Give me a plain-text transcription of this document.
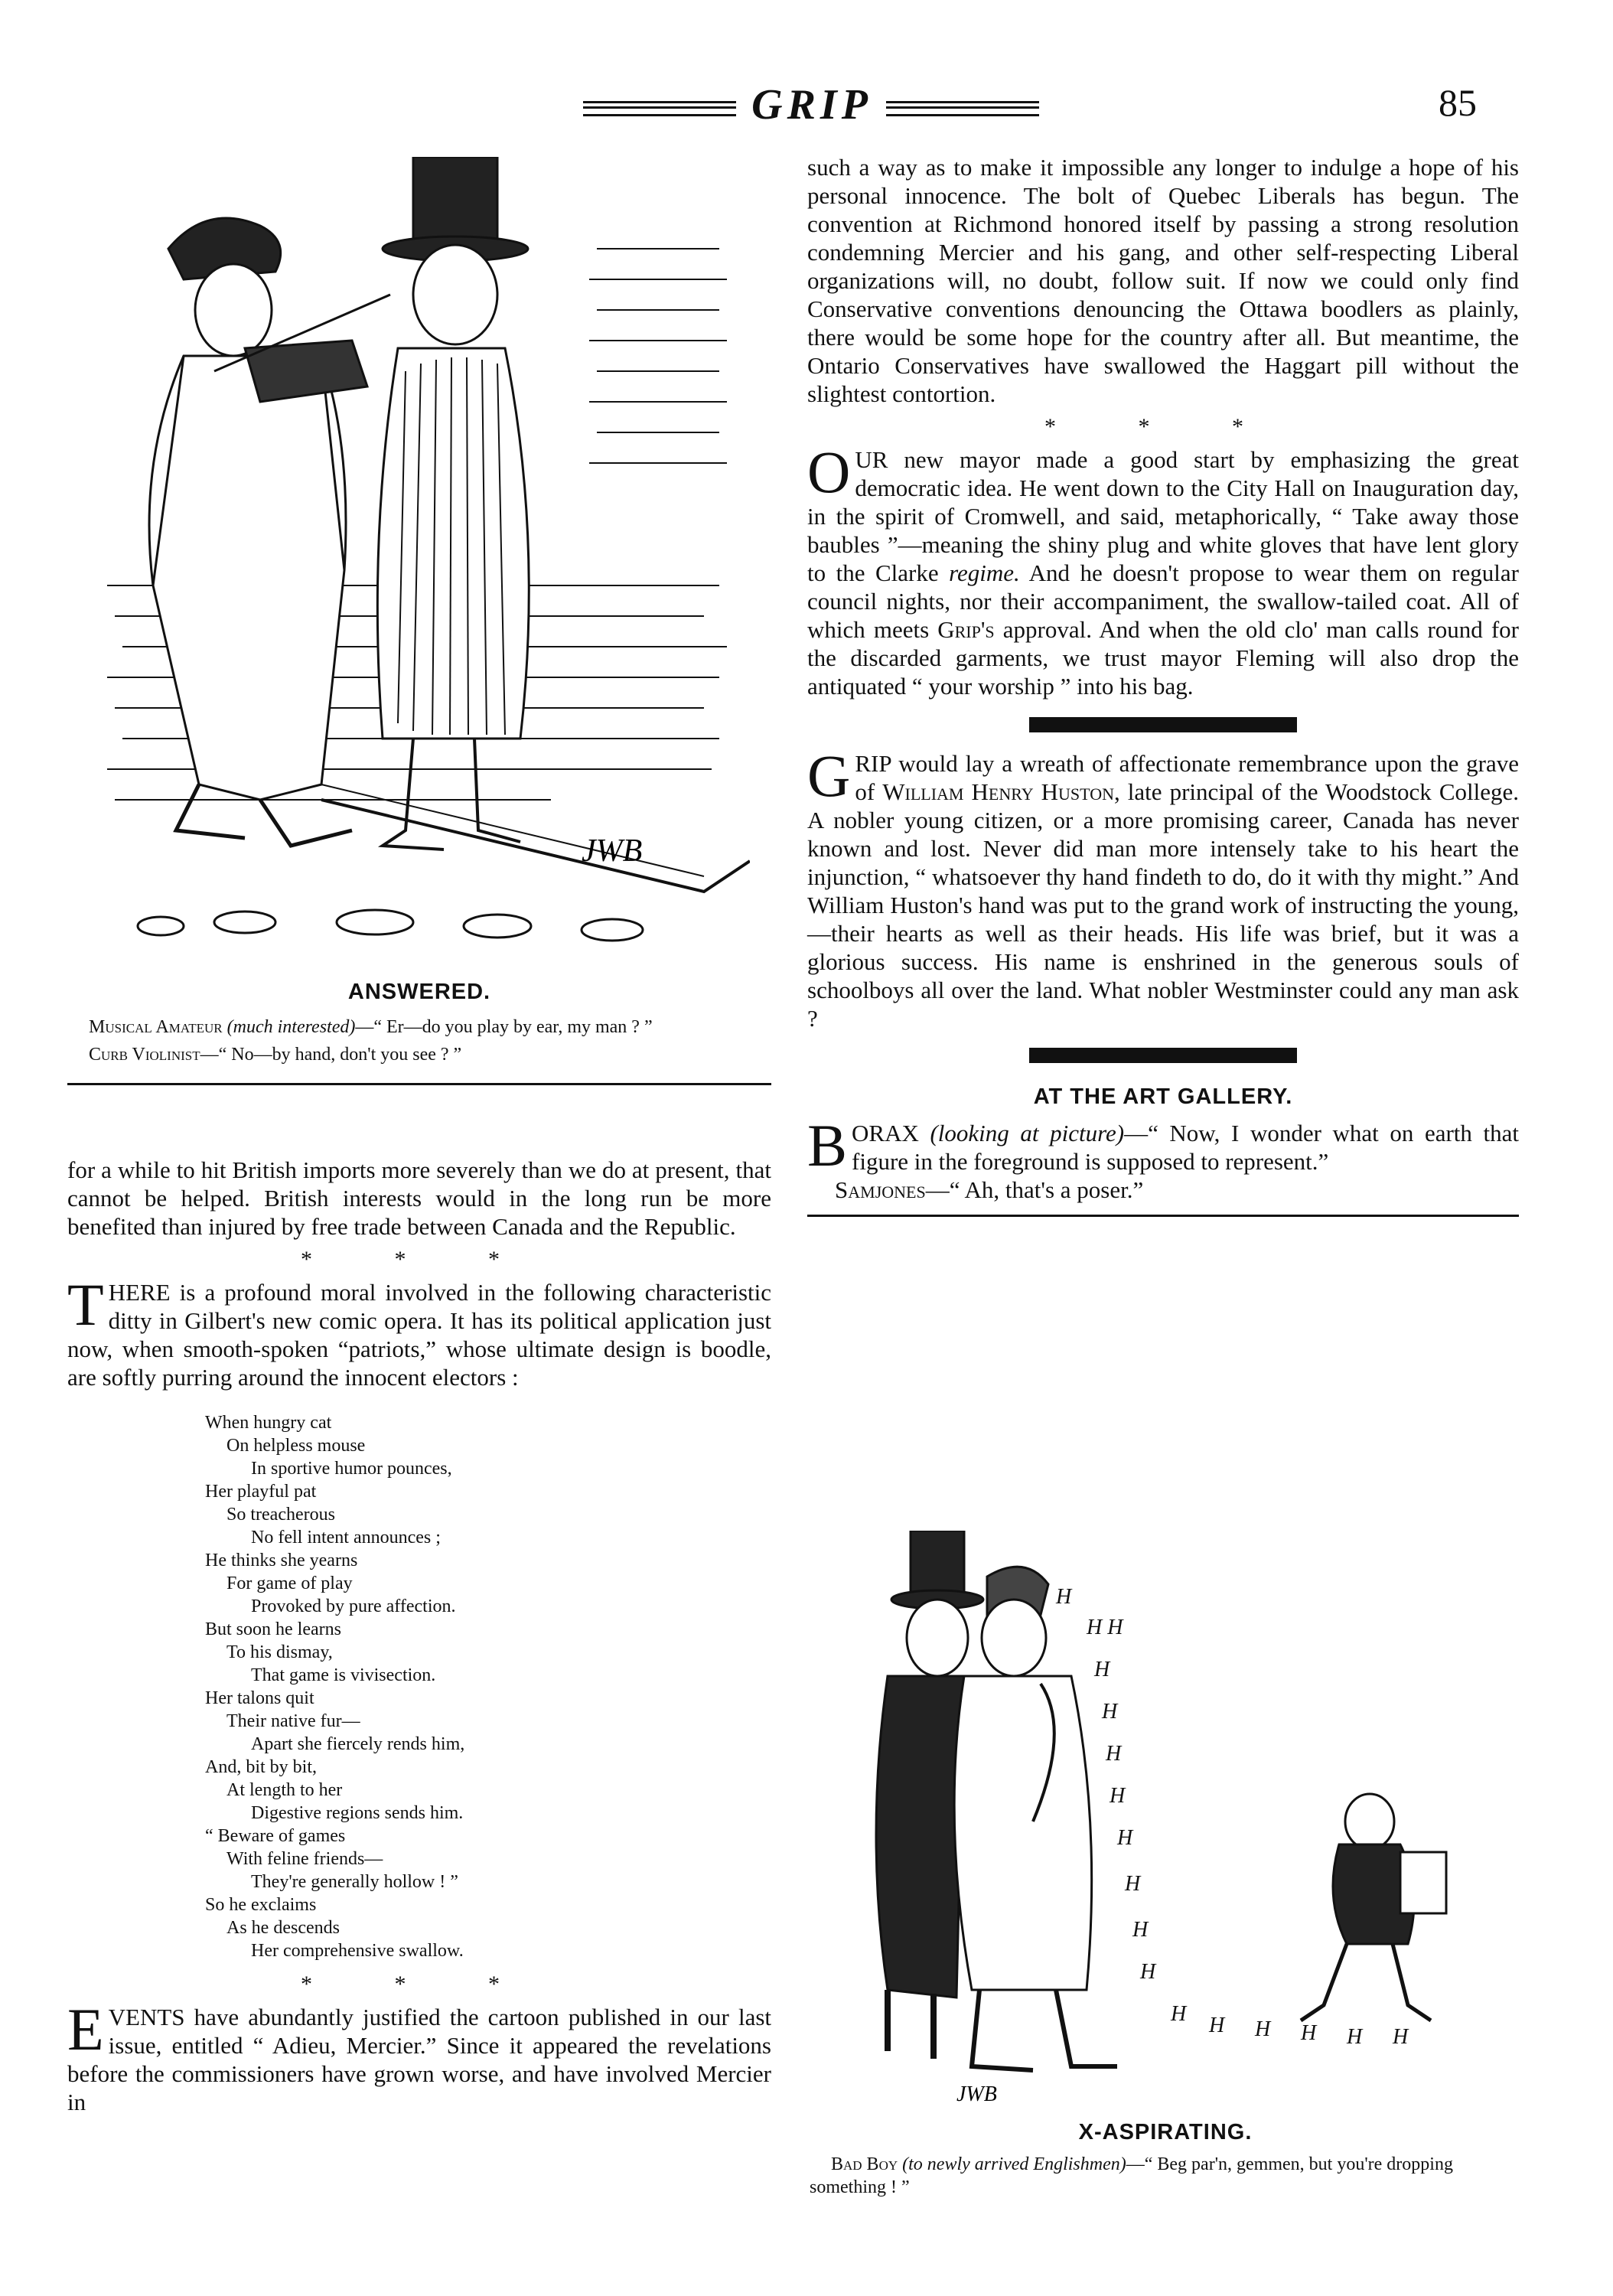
GRIP	85
JWB
ANSWERED.
Musical Amateur (much interested)—“ Er—do you play by ear, my man ? ”
Curb Violinist—“ No—by hand, don't you see ? ”

for a while to hit British imports more severely than we do at present, that cannot be helped. British interests would in the long run be more benefited than injured by free trade between Canada and the Republic.

* * *

THERE is a profound moral involved in the following characteristic ditty in Gilbert's new comic opera. It has its political application just now, when smooth-spoken “patriots,” whose ultimate design is boodle, are softly purring around the innocent electors :

When hungry cat
On helpless mouse
In sportive humor pounces,
Her playful pat
So treacherous
No fell intent announces ;
He thinks she yearns
For game of play
Provoked by pure affection.
But soon he learns
To his dismay,
That game is vivisection.
Her talons quit
Their native fur—
Apart she fiercely rends him,
And, bit by bit,
At length to her
Digestive regions sends him.
“ Beware of games
With feline friends—
They're generally hollow ! ”
So he exclaims
As he descends
Her comprehensive swallow.
* * *

EVENTS have abundantly justified the cartoon published in our last issue, entitled “ Adieu, Mercier.” Since it appeared the revelations before the commissioners have grown worse, and have involved Mercier in

such a way as to make it impossible any longer to indulge a hope of his personal innocence. The bolt of Quebec Liberals has begun. The convention at Richmond honored itself by passing a strong resolution condemning Mercier and his gang, and other self-respecting Liberal organizations will, no doubt, follow suit. If now we could only find Conservative conventions denouncing the Ottawa boodlers as plainly, there would be some hope for the country after all. But meantime, the Ontario Conservatives have swallowed the Haggart pill without the slightest contortion.

* * *

OUR new mayor made a good start by emphasizing the great democratic idea. He went down to the City Hall on Inauguration day, in the spirit of Cromwell, and said, metaphorically, “ Take away those baubles ”—meaning the shiny plug and white gloves that have lent glory to the Clarke regime. And he doesn't propose to wear them on regular council nights, nor their accompaniment, the swallow-tailed coat. All of which meets Grip's approval. And when the old clo' man calls round for the discarded garments, we trust mayor Fleming will also drop the antiquated “ your worship ” into his bag.

GRIP would lay a wreath of affectionate remembrance upon the grave of William Henry Huston, late principal of the Woodstock College. A nobler young citizen, or a more promising career, Canada has never known and lost. Never did man more intensely take to his heart the injunction, “ whatsoever thy hand findeth to do, do it with thy might.” And William Huston's hand was put to the grand work of instructing the young,—their hearts as well as their heads. His life was brief, but it was a glorious success. His name is enshrined in the generous souls of schoolboys all over the land. What nobler Westminster could any man ask ?

AT THE ART GALLERY.

BORAX (looking at picture)—“ Now, I wonder what on earth that figure in the foreground is supposed to represent.”

Samjones—“ Ah, that's a poser.”

H
H H
H
H
H
H
H
H
H
H
H H H H H H
JWB
X-ASPIRATING.
Bad Boy (to newly arrived Englishmen)—“ Beg par'n, gemmen, but you're dropping something ! ”
